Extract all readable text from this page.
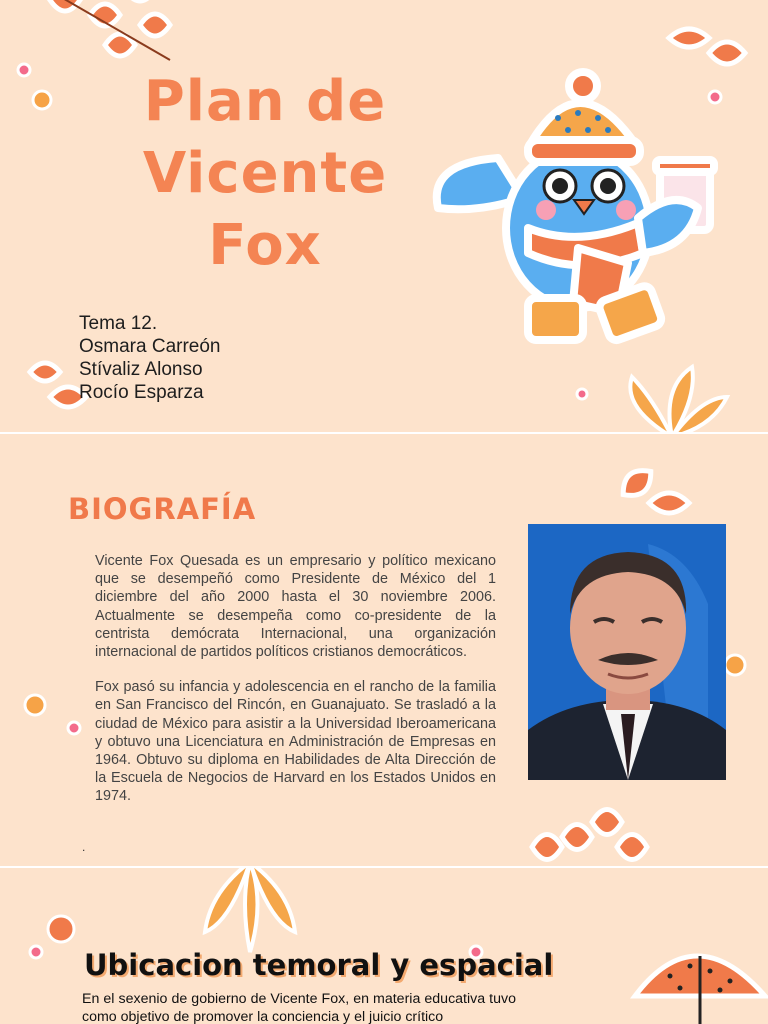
Plan de
Vicente
Fox
Tema 12.
Osmara Carreón
Stívaliz Alonso
Rocío Esparza
BIOGRAFÍA

Vicente Fox Quesada es un empresario y político mexicano que se desempeñó como Presidente de México del 1 diciembre del año 2000 hasta el 30 noviembre 2006. Actualmente se desempeña como co-presidente de la centrista demócrata Internacional, una organización internacional de partidos políticos cristianos democráticos.

Fox pasó su infancia y adolescencia en el rancho de la familia en San Francisco del Rincón, en Guanajuato. Se trasladó a la ciudad de México para asistir a la Universidad Iberoamericana y obtuvo una Licenciatura en Administración de Empresas en 1964. Obtuvo su diploma en Habilidades de Alta Dirección de la Escuela de Negocios de Harvard en los Estados Unidos en 1974.

.
Ubicacion temoral y espacial
En el sexenio de gobierno de Vicente Fox, en materia educativa tuvo como objetivo de promover la conciencia y el juicio crítico
